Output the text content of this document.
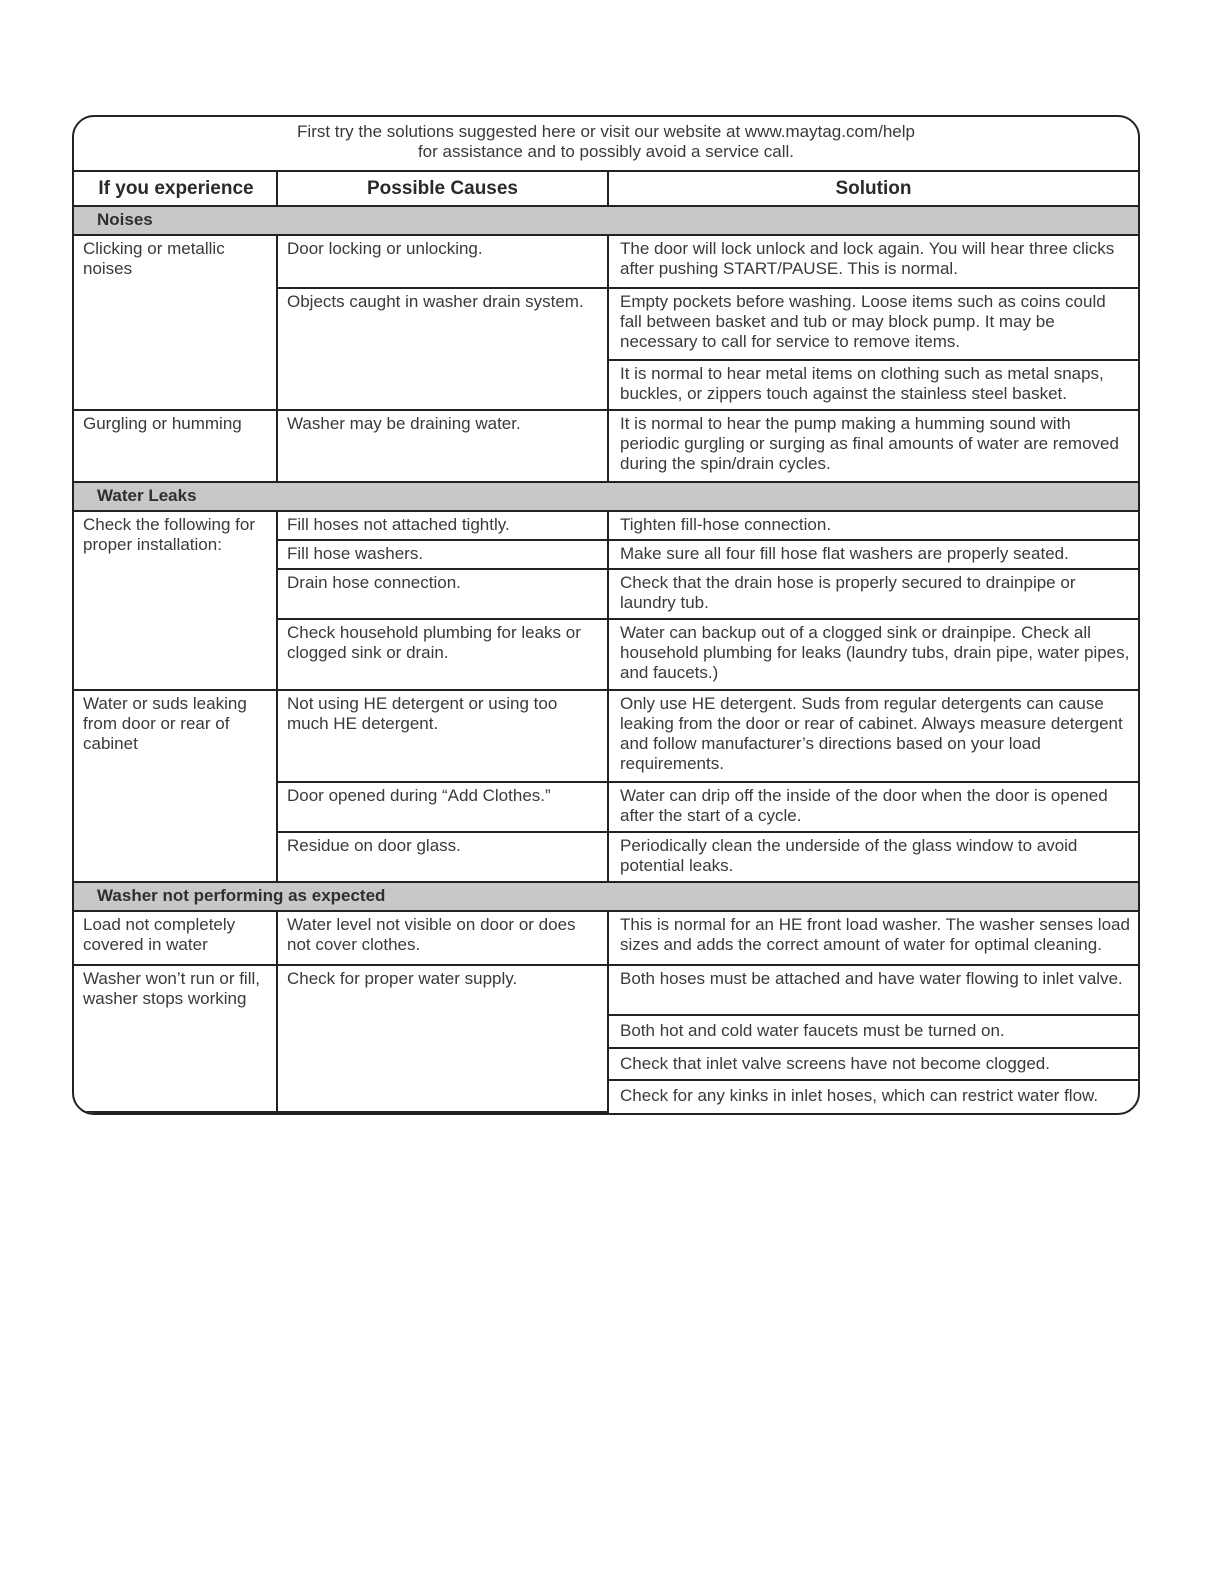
First try the solutions suggested here or visit our website at www.maytag.com/help
for assistance and to possibly avoid a service call.
If you experience	Possible Causes	Solution
Noises		
Clicking or metallic noises	Door locking or unlocking.	The door will lock unlock and lock again. You will hear three clicks after pushing START/PAUSE. This is normal.
	Objects caught in washer drain system.	Empty pockets before washing. Loose items such as coins could fall between basket and tub or may block pump. It may be necessary to call for service to remove items.
		It is normal to hear metal items on clothing such as metal snaps, buckles, or zippers touch against the stainless steel basket.
Gurgling or humming	Washer may be draining water.	It is normal to hear the pump making a humming sound with periodic gurgling or surging as final amounts of water are removed during the spin/drain cycles.
Water Leaks		
Check the following for proper installation:	Fill hoses not attached tightly.	Tighten fill-hose connection.
	Fill hose washers.	Make sure all four fill hose flat washers are properly seated.
	Drain hose connection.	Check that the drain hose is properly secured to drainpipe or laundry tub.
	Check household plumbing for leaks or clogged sink or drain.	Water can backup out of a clogged sink or drainpipe. Check all household plumbing for leaks (laundry tubs, drain pipe, water pipes, and faucets.)
Water or suds leaking from door or rear of cabinet	Not using HE detergent or using too much HE detergent.	Only use HE detergent. Suds from regular detergents can cause leaking from the door or rear of cabinet. Always measure detergent and follow manufacturer’s directions based on your load requirements.
	Door opened during “Add Clothes.”	Water can drip off the inside of the door when the door is opened after the start of a cycle.
	Residue on door glass.	Periodically clean the underside of the glass window to avoid potential leaks.
Washer not performing as expected		
Load not completely covered in water	Water level not visible on door or does not cover clothes.	This is normal for an HE front load washer. The washer senses load sizes and adds the correct amount of water for optimal cleaning.
Washer won’t run or fill, washer stops working	Check for proper water supply.	Both hoses must be attached and have water flowing to inlet valve.
		Both hot and cold water faucets must be turned on.
		Check that inlet valve screens have not become clogged.
		Check for any kinks in inlet hoses, which can restrict water flow.
